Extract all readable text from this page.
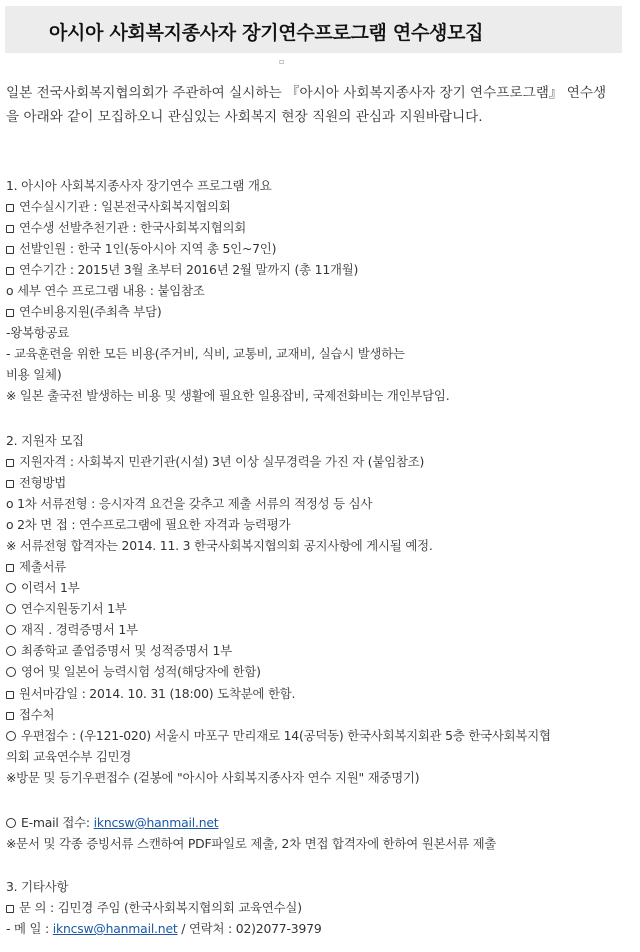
아시아 사회복지종사자 장기연수프로그램 연수생모집
▫
일본 전국사회복지협의회가 주관하여 실시하는 『아시아 사회복지종사자 장기 연수프로그램』 연수생을 아래와 같이 모집하오니 관심있는 사회복지 현장 직원의 관심과 지원바랍니다.
1. 아시아 사회복지종사자 장기연수 프로그램 개요
연수실시기관 : 일본전국사회복지협의회
연수생 선발추천기관 : 한국사회복지협의회
선발인원 : 한국 1인(동아시아 지역 총 5인~7인)
연수기간 : 2015년 3월 초부터 2016년 2월 말까지 (총 11개월)
o 세부 연수 프로그램 내용 : 붙임참조
연수비용지원(주최측 부담)
-왕복항공료
- 교육훈련을 위한 모든 비용(주거비, 식비, 교통비, 교재비, 실습시 발생하는
비용 일체)
※ 일본 출국전 발생하는 비용 및 생활에 필요한 일용잡비, 국제전화비는 개인부담임.
2. 지원자 모집
지원자격 : 사회복지 민관기관(시설) 3년 이상 실무경력을 가진 자 (붙임참조)
전형방법
o 1차 서류전형 : 응시자격 요건을 갖추고 제출 서류의 적정성 등 심사
o 2차 면 접 : 연수프로그램에 필요한 자격과 능력평가
※ 서류전형 합격자는 2014. 11. 3 한국사회복지협의회 공지사항에 게시될 예정.
제출서류
이력서 1부
연수지원동기서 1부
재직 . 경력증명서 1부
최종학교 졸업증명서 및 성적증명서 1부
영어 및 일본어 능력시험 성적(해당자에 한함)
원서마감일 : 2014. 10. 31 (18:00) 도착분에 한함.
접수처
우편접수 : (우121-020) 서울시 마포구 만리재로 14(공덕동) 한국사회복지회관 5층 한국사회복지협
의회 교육연수부 김민경
※방문 및 등기우편접수 (겉봉에 "아시아 사회복지종사자 연수 지원" 재중명기)
E-mail 접수: ikncsw@hanmail.net
※문서 및 각종 증빙서류 스캔하여 PDF파일로 제출, 2차 면접 합격자에 한하여 원본서류 제출
3. 기타사항
문 의 : 김민경 주임 (한국사회복지협의회 교육연수실)
- 메 일 : ikncsw@hanmail.net / 연락처 : 02)2077-3979
